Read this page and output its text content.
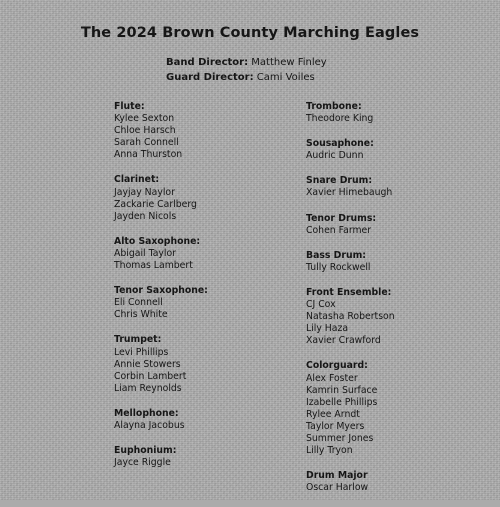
The 2024 Brown County Marching Eagles
Band Director: Matthew Finley
Guard Director: Cami Voiles
Flute:
Kylee Sexton
Chloe Harsch
Sarah Connell
Anna Thurston
Clarinet:
Jayjay Naylor
Zackarie Carlberg
Jayden Nicols
Alto Saxophone:
Abigail Taylor
Thomas Lambert
Tenor Saxophone:
Eli Connell
Chris White
Trumpet:
Levi Phillips
Annie Stowers
Corbin Lambert
Liam Reynolds
Mellophone:
Alayna Jacobus
Euphonium:
Jayce Riggle
Trombone:
Theodore King
Sousaphone:
Audric Dunn
Snare Drum:
Xavier Himebaugh
Tenor Drums:
Cohen Farmer
Bass Drum:
Tully Rockwell
Front Ensemble:
CJ Cox
Natasha Robertson
Lily Haza
Xavier Crawford
Colorguard:
Alex Foster
Kamrin Surface
Izabelle Phillips
Rylee Arndt
Taylor Myers
Summer Jones
Lilly Tryon
Drum Major
Oscar Harlow
